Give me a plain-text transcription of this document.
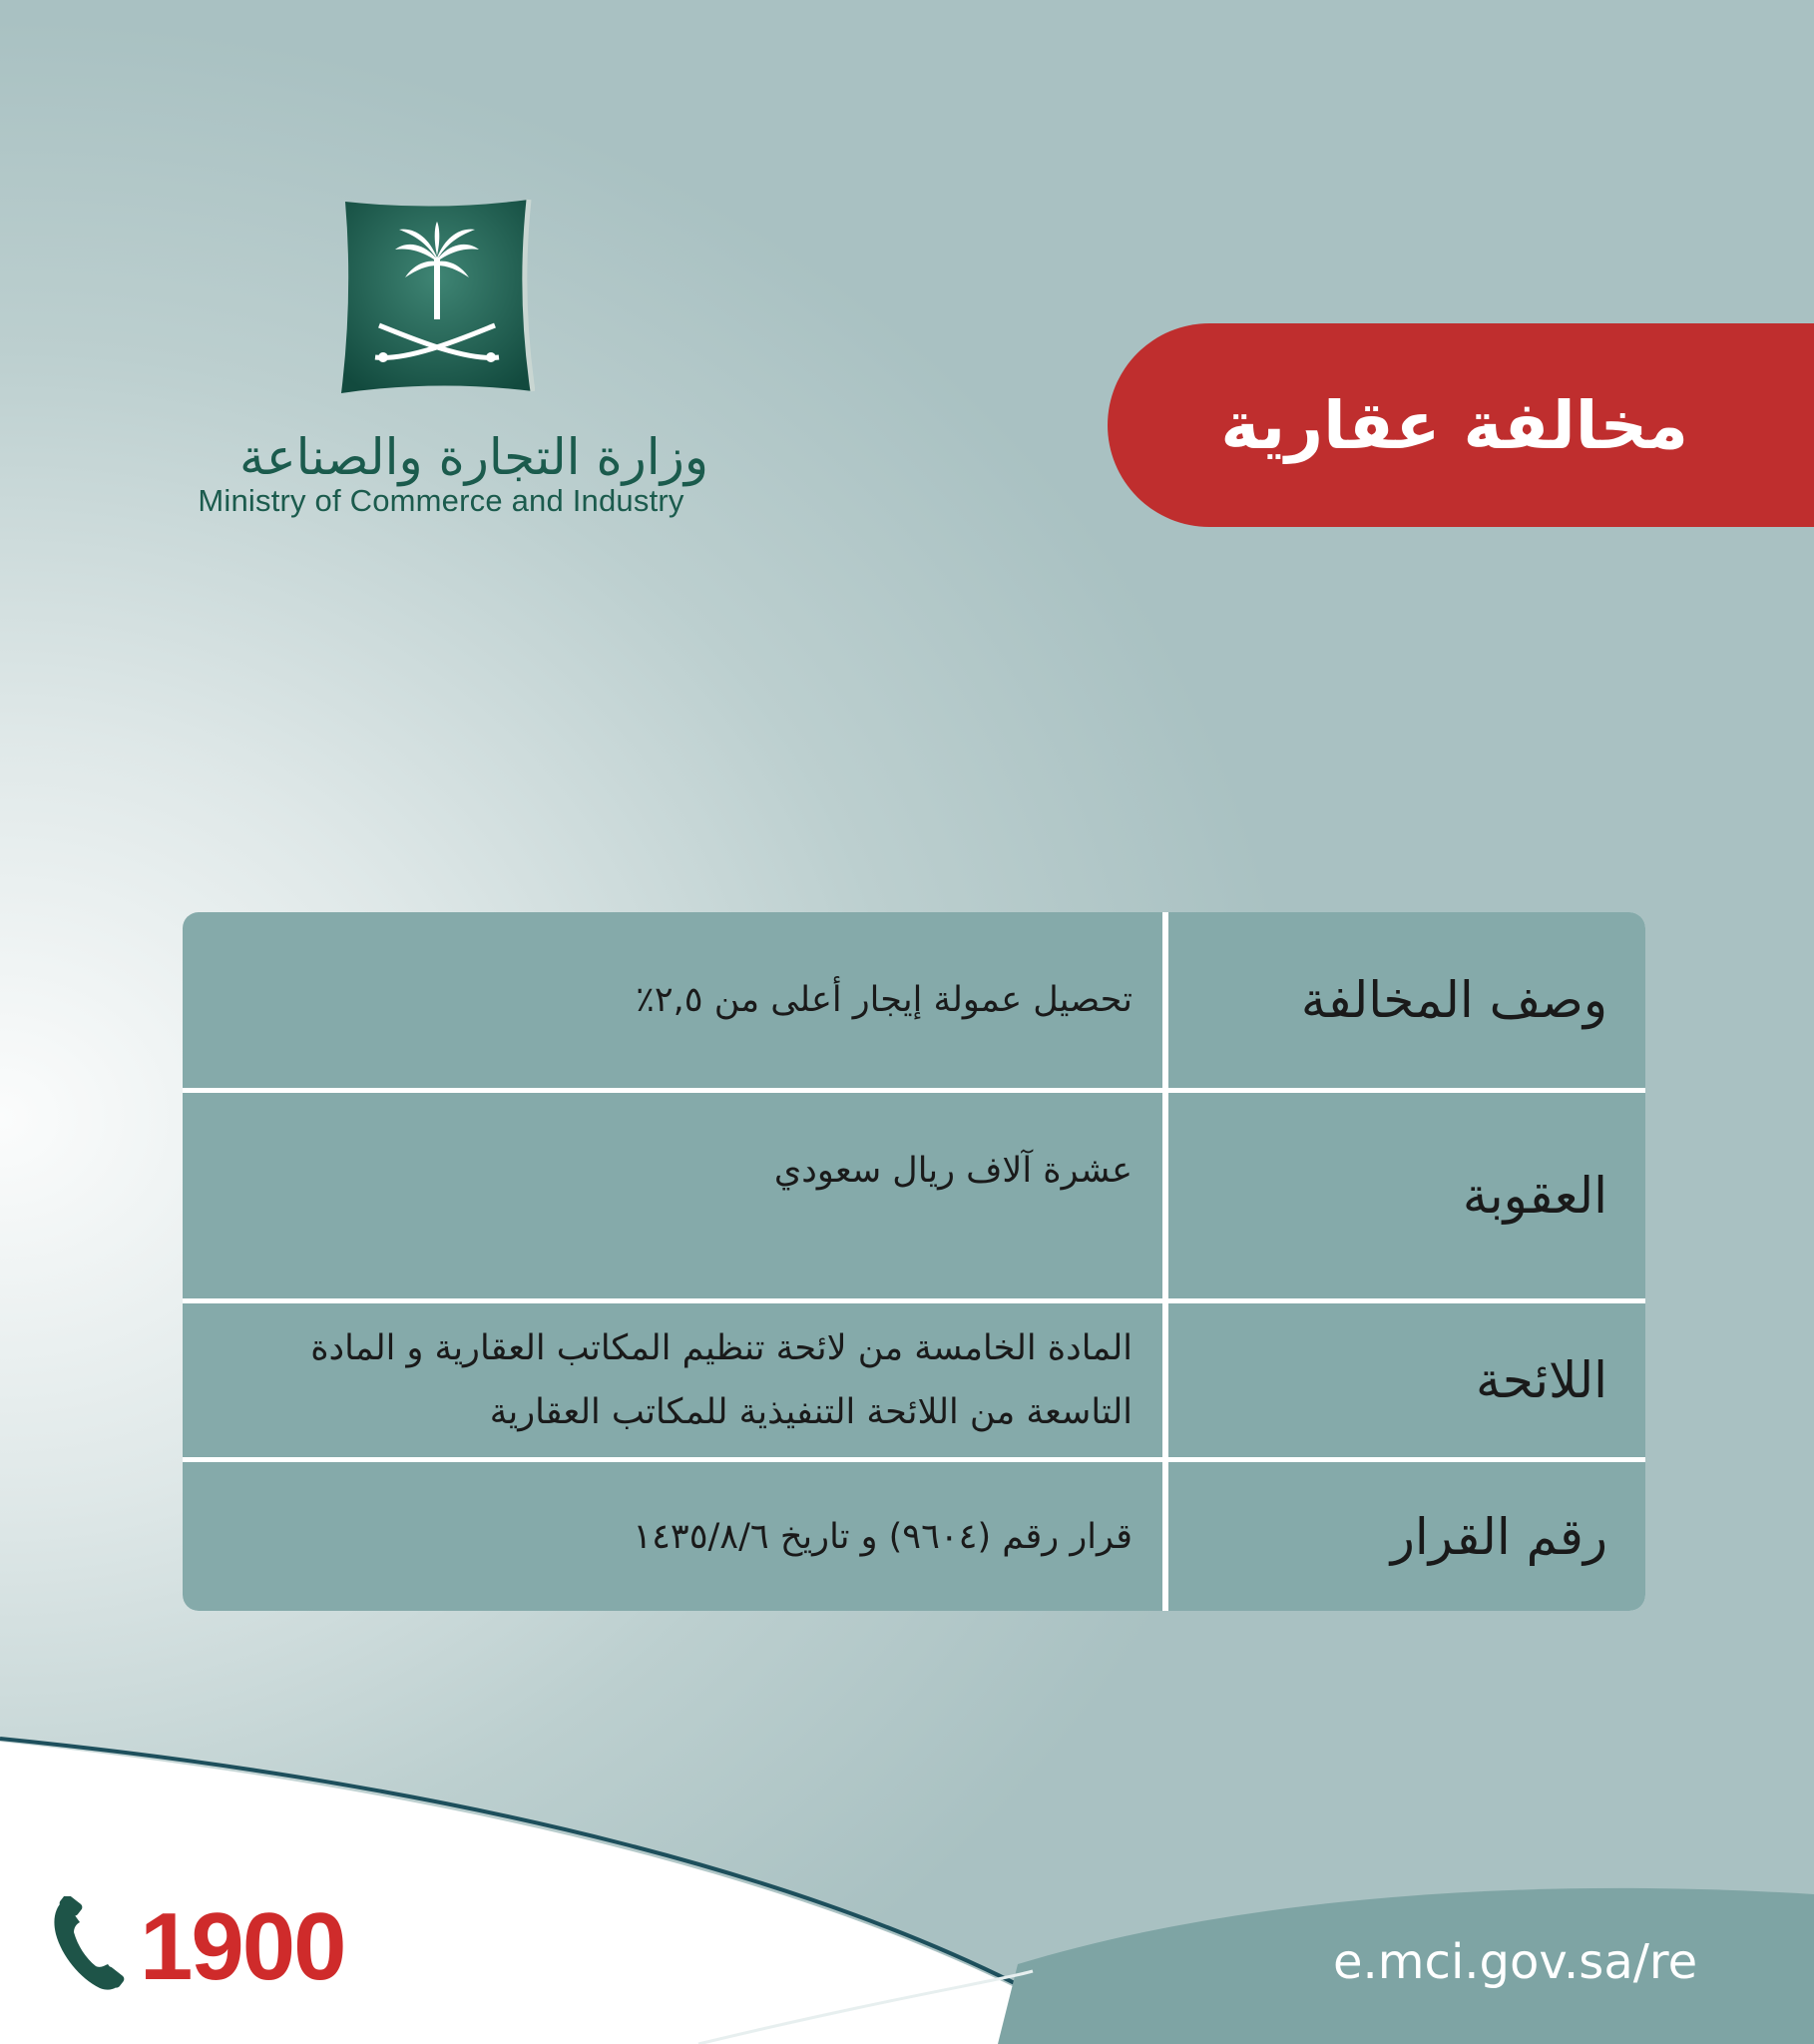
وزارة التجارة والصناعة
Ministry of Commerce and Industry
مخالفة عقارية
وصف المخالفة
تحصيل عمولة إيجار أعلى من ٢,٥٪
العقوبة
عشرة آلاف ريال سعودي
اللائحة
المادة الخامسة من لائحة تنظيم المكاتب العقارية و المادة التاسعة من اللائحة التنفيذية للمكاتب العقارية
رقم القرار
قرار رقم (٩٦٠٤) و تاريخ ١٤٣٥/٨/٦
1900	e.mci.gov.sa/re
